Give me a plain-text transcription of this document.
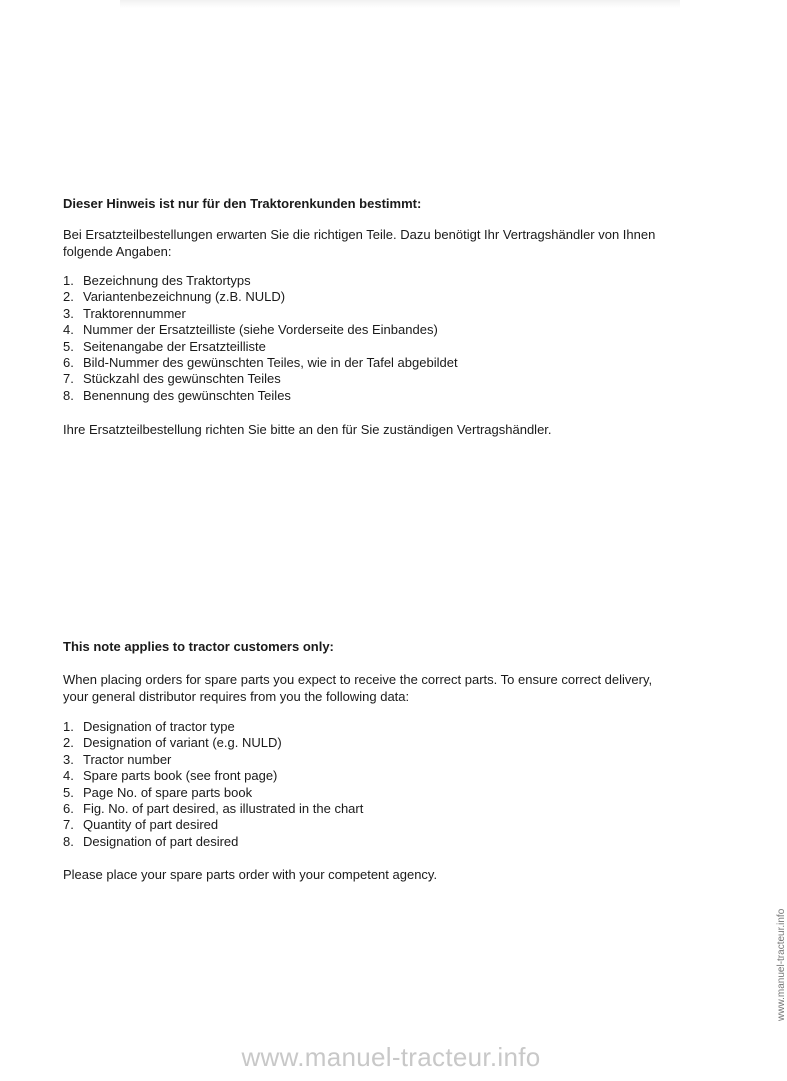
Dieser Hinweis ist nur für den Traktorenkunden bestimmt:

Bei Ersatzteilbestellungen erwarten Sie die richtigen Teile. Dazu benötigt Ihr Vertragshändler von Ihnen folgende Angaben:

1. Bezeichnung des Traktortyps
2. Variantenbezeichnung (z.B. NULD)
3. Traktorennummer
4. Nummer der Ersatzteilliste (siehe Vorderseite des Einbandes)
5. Seitenangabe der Ersatzteilliste
6. Bild-Nummer des gewünschten Teiles, wie in der Tafel abgebildet
7. Stückzahl des gewünschten Teiles
8. Benennung des gewünschten Teiles

Ihre Ersatzteilbestellung richten Sie bitte an den für Sie zuständigen Vertragshändler.

This note applies to tractor customers only:

When placing orders for spare parts you expect to receive the correct parts. To ensure correct delivery, your general distributor requires from you the following data:

1. Designation of tractor type
2. Designation of variant (e.g. NULD)
3. Tractor number
4. Spare parts book (see front page)
5. Page No. of spare parts book
6. Fig. No. of part desired, as illustrated in the chart
7. Quantity of part desired
8. Designation of part desired

Please place your spare parts order with your competent agency.

www.manuel-tracteur.info
www.manuel-tracteur.info
